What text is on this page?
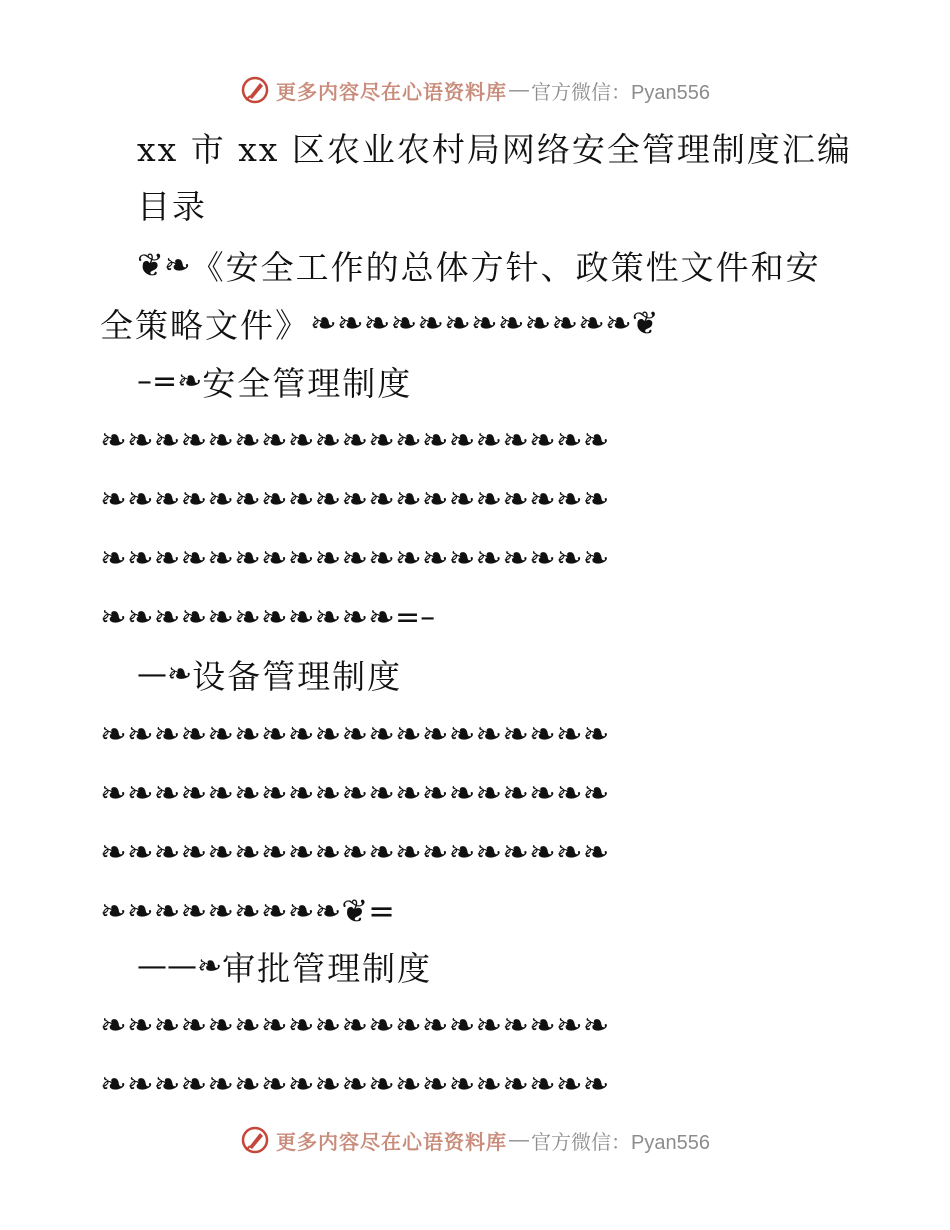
更多内容尽在心语资料库 — 官方微信：Pyan556
xx 市 xx 区农业农村局网络安全管理制度汇编
目录
❦❧ 《安全工作的总体方针、政策性文件和安
全策略文件》 ❧❧❧❧❧❧❧❧❧❧❧❧ ❦
–=❧ 安全管理制度
❧❧❧❧❧❧❧❧❧❧❧❧❧❧❧❧❧❧❧
❧❧❧❧❧❧❧❧❧❧❧❧❧❧❧❧❧❧❧
❧❧❧❧❧❧❧❧❧❧❧❧❧❧❧❧❧❧❧
❧❧❧❧❧❧❧❧❧❧❧ =–
—❧ 设备管理制度
❧❧❧❧❧❧❧❧❧❧❧❧❧❧❧❧❧❧❧
❧❧❧❧❧❧❧❧❧❧❧❧❧❧❧❧❧❧❧
❧❧❧❧❧❧❧❧❧❧❧❧❧❧❧❧❧❧❧
❧❧❧❧❧❧❧❧❧ ❦=
——❧ 审批管理制度
❧❧❧❧❧❧❧❧❧❧❧❧❧❧❧❧❧❧❧
❧❧❧❧❧❧❧❧❧❧❧❧❧❧❧❧❧❧❧
更多内容尽在心语资料库 — 官方微信：Pyan556
